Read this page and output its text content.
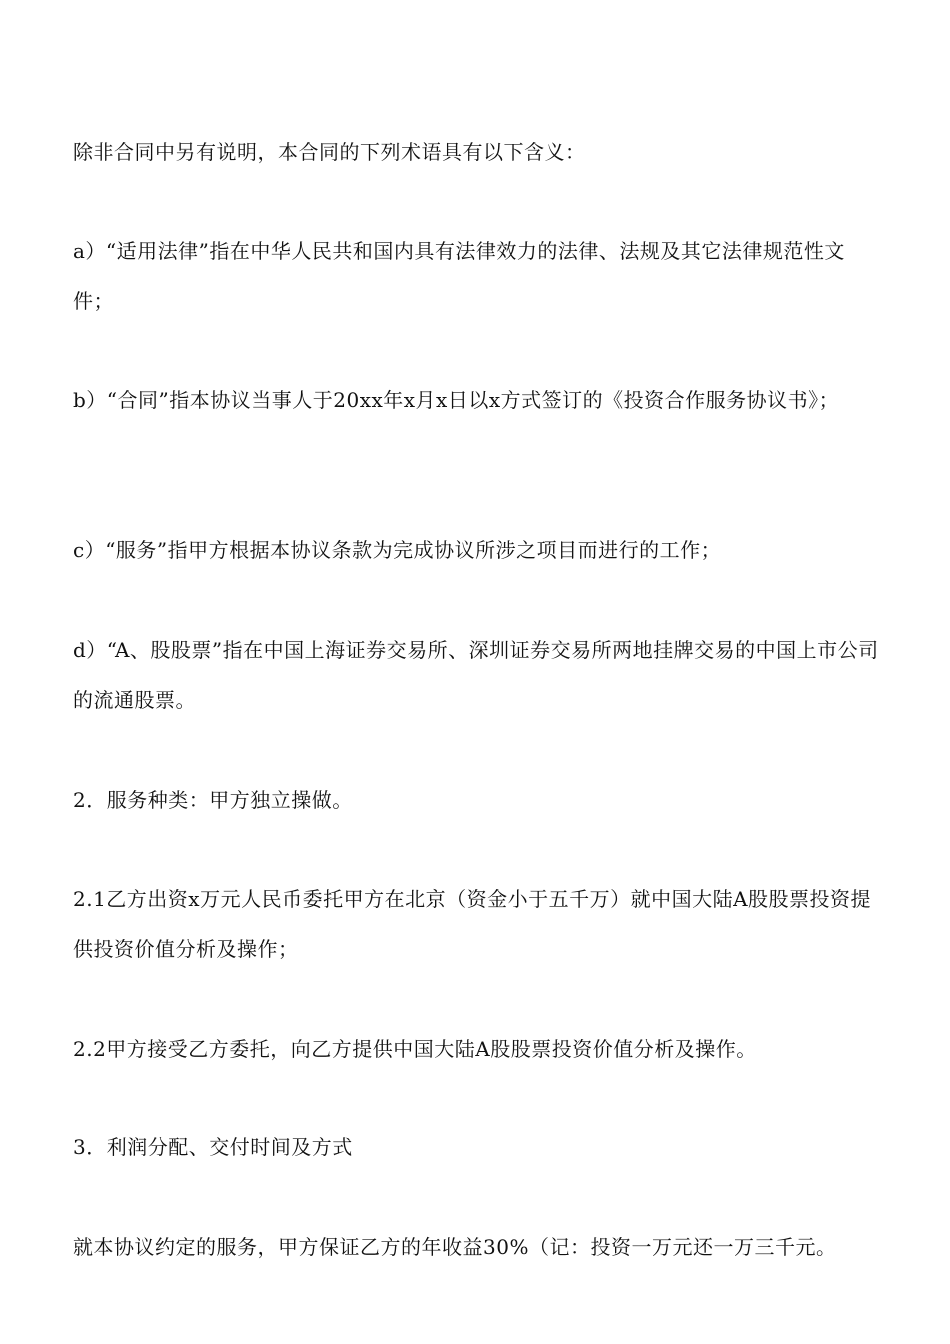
除非合同中另有说明，本合同的下列术语具有以下含义：

a）“适用法律”指在中华人民共和国内具有法律效力的法律、法规及其它法律规范性文件；

b）“合同”指本协议当事人于20xx年x月x日以x方式签订的《投资合作服务协议书》；

c）“服务”指甲方根据本协议条款为完成协议所涉之项目而进行的工作；

d）“A、股股票”指在中国上海证券交易所、深圳证券交易所两地挂牌交易的中国上市公司的流通股票。

2．服务种类：甲方独立操做。

2.1乙方出资x万元人民币委托甲方在北京（资金小于五千万）就中国大陆A股股票投资提供投资价值分析及操作；

2.2甲方接受乙方委托，向乙方提供中国大陆A股股票投资价值分析及操作。

3．利润分配、交付时间及方式

就本协议约定的服务，甲方保证乙方的年收益30%（记：投资一万元还一万三千元。
